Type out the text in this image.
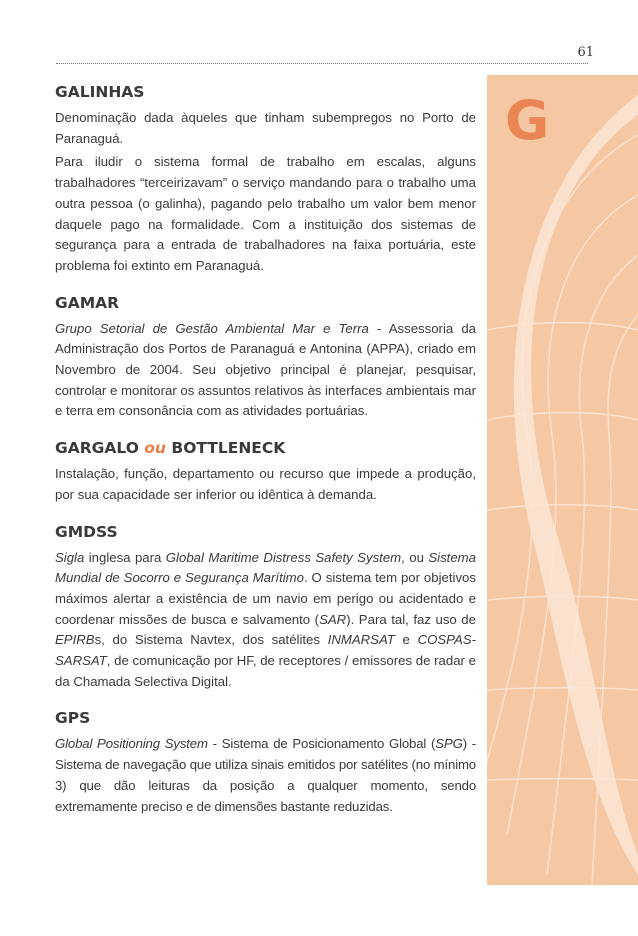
61
G
GALINHAS
Denominação dada àqueles que tinham subempregos no Porto de Paranaguá.
Para iludir o sistema formal de trabalho em escalas, alguns trabalhadores “terceirizavam” o serviço mandando para o trabalho uma outra pessoa (o galinha), pagando pelo trabalho um valor bem menor daquele pago na formalidade. Com a instituição dos sistemas de segurança para a entrada de trabalhadores na faixa portuária, este problema foi extinto em Paranaguá.
GAMAR
Grupo Setorial de Gestão Ambiental Mar e Terra - Assessoria da Administração dos Portos de Paranaguá e Antonina (APPA), criado em Novembro de 2004. Seu objetivo principal é planejar, pesquisar, controlar e monitorar os assuntos relativos às interfaces ambientais mar e terra em consonância com as atividades portuárias.
GARGALO ou BOTTLENECK
Instalação, função, departamento ou recurso que impede a produção, por sua capacidade ser inferior ou idêntica à demanda.
GMDSS
Sigla inglesa para Global Maritime Distress Safety System, ou Sistema Mundial de Socorro e Segurança Marítimo. O sistema tem por objetivos máximos alertar a existência de um navio em perigo ou acidentado e coordenar missões de busca e salvamento (SAR). Para tal, faz uso de EPIRBs, do Sistema Navtex, dos satélites INMARSAT e COSPAS-SARSAT, de comunicação por HF, de receptores / emissores de radar e da Chamada Selectiva Digital.
GPS
Global Positioning System - Sistema de Posicionamento Global (SPG) - Sistema de navegação que utiliza sinais emitidos por satélites (no mínimo 3) que dão leituras da posição a qualquer momento, sendo extremamente preciso e de dimensões bastante reduzidas.
